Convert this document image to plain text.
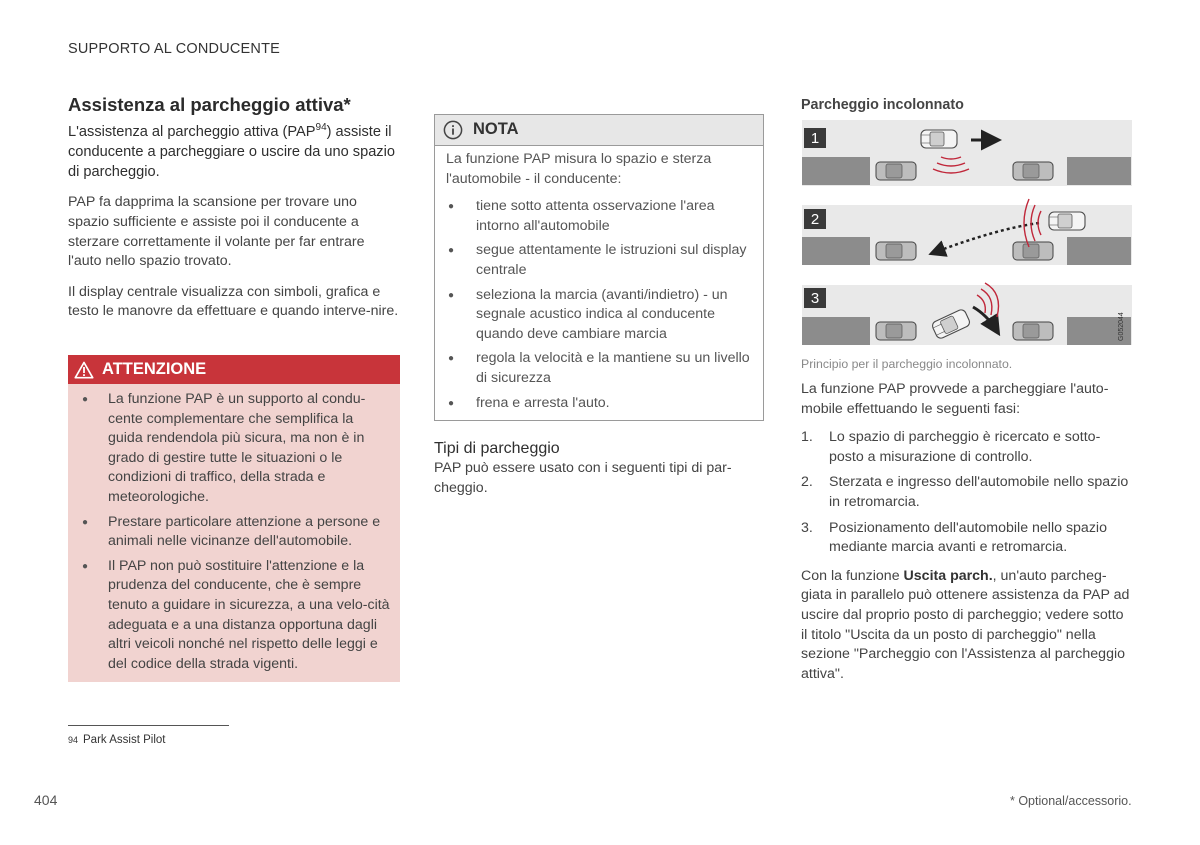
SUPPORTO AL CONDUCENTE
Assistenza al parcheggio attiva*

L'assistenza al parcheggio attiva (PAP$^{94}$) assiste il conducente a parcheggiare o uscire da uno spazio di parcheggio.

PAP fa dapprima la scansione per trovare uno spazio sufficiente e assiste poi il conducente a sterzare correttamente il volante per far entrare l'auto nello spazio trovato.

Il display centrale visualizza con simboli, grafica e testo le manovre da effettuare e quando interve-nire.

ATTENZIONE
● La funzione PAP è un supporto al condu-cente complementare che semplifica la guida rendendola più sicura, ma non è in grado di gestire tutte le situazioni o le condizioni di traffico, della strada e meteorologiche.
● Prestare particolare attenzione a persone e animali nelle vicinanze dell'automobile.
● Il PAP non può sostituire l'attenzione e la prudenza del conducente, che è sempre tenuto a guidare in sicurezza, a una velo-cità adeguata e a una distanza opportuna dagli altri veicoli nonché nel rispetto delle leggi e del codice della strada vigenti.
NOTA

La funzione PAP misura lo spazio e sterza l'automobile - il conducente:

● tiene sotto attenta osservazione l'area intorno all'automobile
● segue attentamente le istruzioni sul display centrale
● seleziona la marcia (avanti/indietro) - un segnale acustico indica al conducente quando deve cambiare marcia
● regola la velocità e la mantiene su un livello di sicurezza
● frena e arresta l'auto.
Tipi di parcheggio
PAP può essere usato con i seguenti tipi di par-cheggio.
Parcheggio incolonnato
1
2
3
G052044
Principio per il parcheggio incolonnato.

La funzione PAP provvede a parcheggiare l'auto-mobile effettuando le seguenti fasi:

1. Lo spazio di parcheggio è ricercato e sotto-posto a misurazione di controllo.
2. Sterzata e ingresso dell'automobile nello spazio in retromarcia.
3. Posizionamento dell'automobile nello spazio mediante marcia avanti e retromarcia.

Con la funzione Uscita parch., un'auto parcheg-giata in parallelo può ottenere assistenza da PAP ad uscire dal proprio posto di parcheggio; vedere sotto il titolo "Uscita da un posto di parcheggio" nella sezione "Parcheggio con l'Assistenza al parcheggio attiva".

$^{94}$ Park Assist Pilot
404	* Optional/accessorio.
